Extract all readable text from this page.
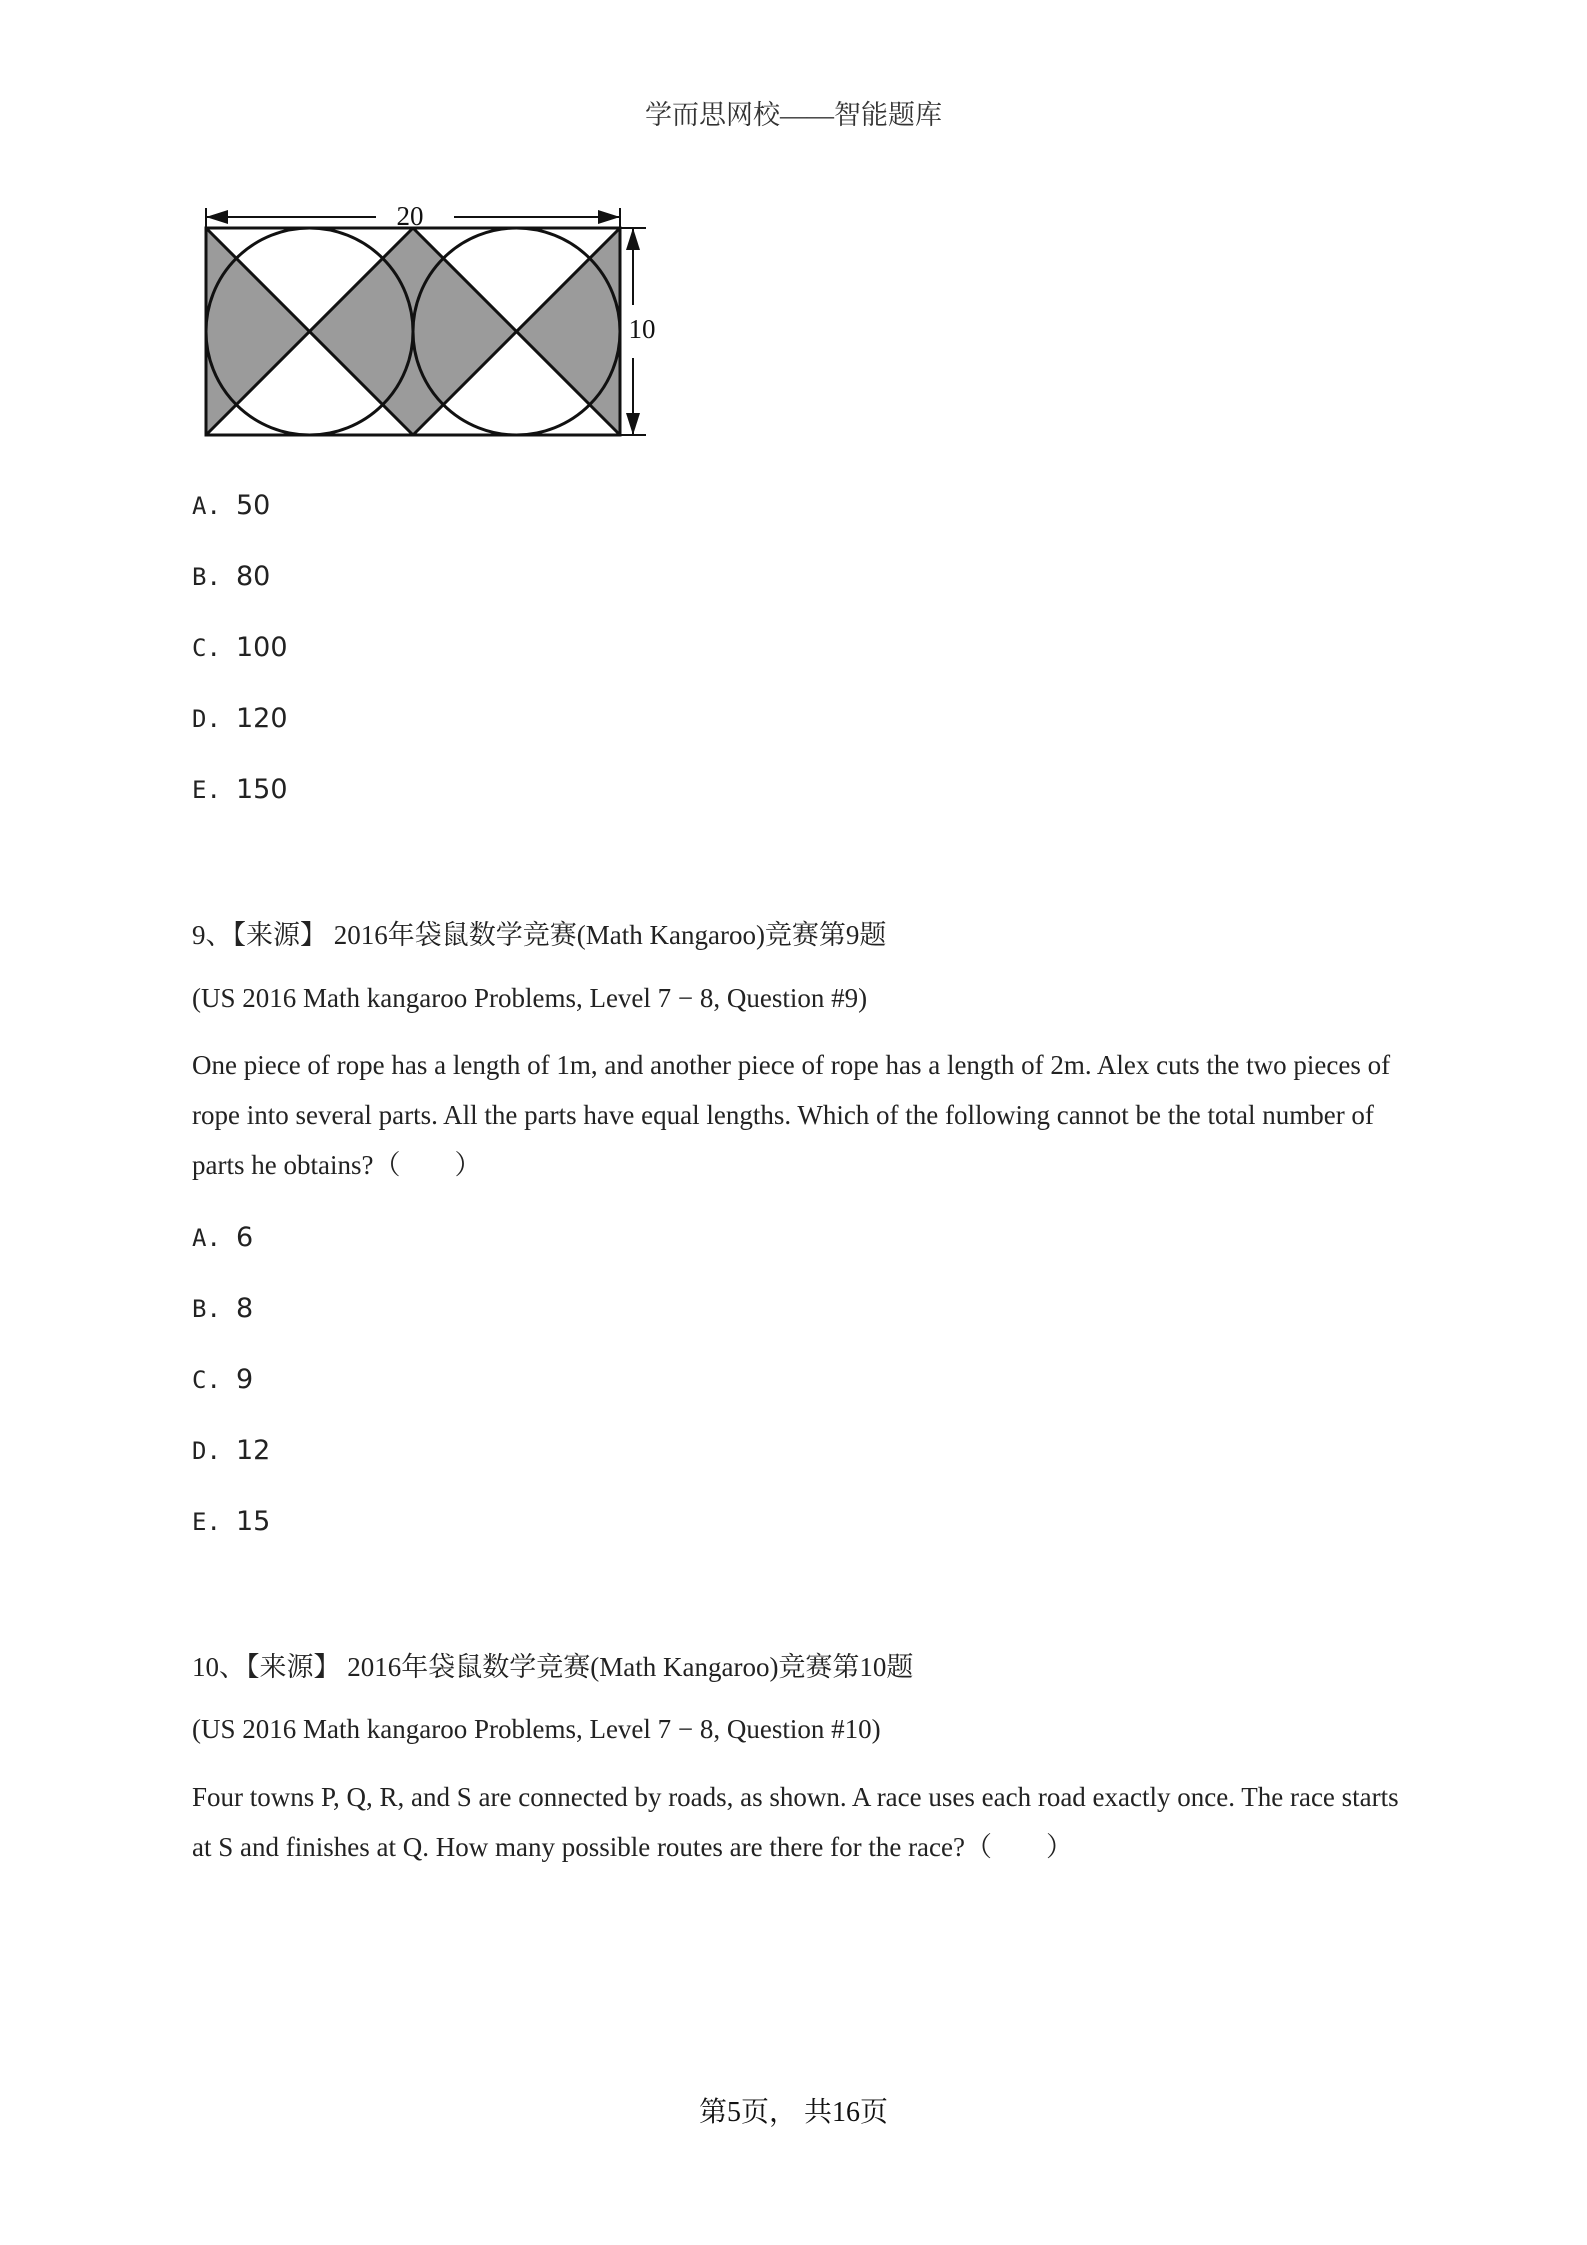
学而思网校——智能题库
20
10
A. 50
B. 80
C. 100
D. 120
E. 150
9、【来源】 2016年袋鼠数学竞赛(Math Kangaroo)竞赛第9题
(US 2016 Math kangaroo Problems, Level 7 − 8, Question #9)
One piece of rope has a length of 1m, and another piece of rope has a length of 2m. Alex cuts the two pieces of rope into several parts. All the parts have equal lengths. Which of the following cannot be the total number of parts he obtains?（　　）
A. 6
B. 8
C. 9
D. 12
E. 15
10、【来源】 2016年袋鼠数学竞赛(Math Kangaroo)竞赛第10题
(US 2016 Math kangaroo Problems, Level 7 − 8, Question #10)
Four towns P, Q, R, and S are connected by roads, as shown. A race uses each road exactly once. The race starts at S and finishes at Q. How many possible routes are there for the race?（　　）
第5页， 共16页
